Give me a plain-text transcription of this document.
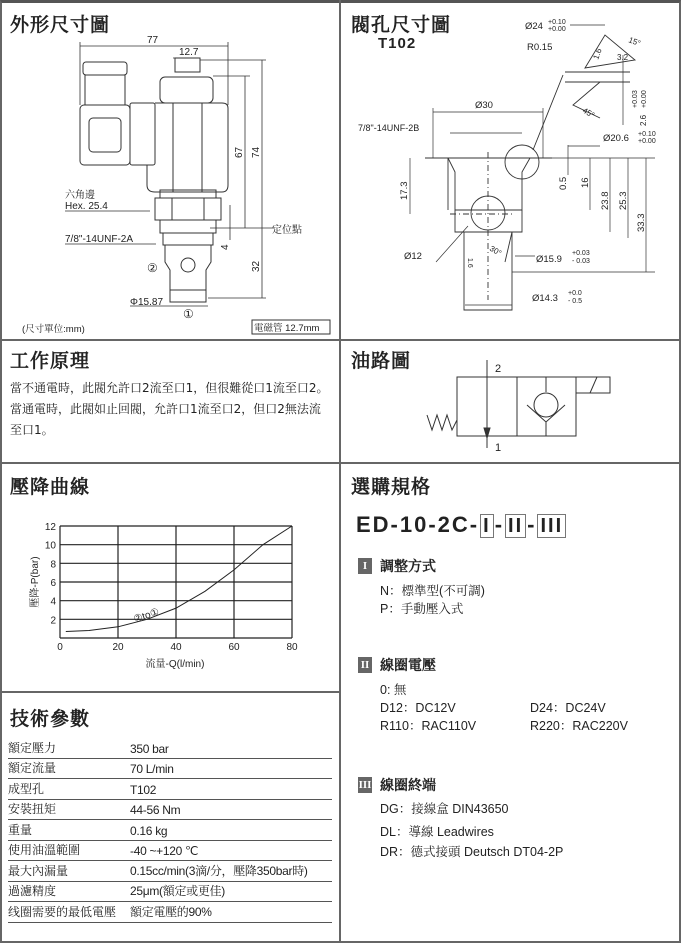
外形尺寸圖	閥孔尺寸圖
T102
工作原理	油路圖
壓降曲線	選購規格
技術參數
77
12.7
67 74
32
4
六角邊
Hex. 25.4
7/8"-14UNF-2A
定位點
②
①
Φ15.87
(尺寸單位:mm)	電磁管 12.7mm
Ø24 +0.10
+0.00
R0.15	1.6 3.2
15°
Ø30
7/8"-14UNF-2B
45°
2.6
+0.03 +0.00
Ø20.6 +0.10
+0.00
0.5 16
23.8 25.3
33.3
17.3
Ø12	30°
1.6	Ø15.9
+0.03
- 0.03
Ø14.3 +0.0
- 0.5
當不通電時，此閥允許口2流至口1，但很難從口1流至口2。當通電時，此閥如止回閥，允許口1流至口2，但口2無法流至口1。
2
1
0	20	40	60	80
2
4
6
8
10
12
②to①
流量-Q(l/min)
壓降-P(bar)
額定壓力	350 bar
額定流量	70 L/min
成型孔	T102
安裝扭矩	44-56 Nm
重量	0.16 kg
使用油溫範圍	-40 ~+120 ℃
最大內漏量	0.15cc/min(3滴/分，壓降350bar時)
過濾精度	25μm(額定或更佳)
线圈需要的最低電壓	額定電壓的90%
ED-10-2C- I - II - III
I 調整方式
N：標準型(不可調)
P：手動壓入式
II 線圈電壓
0: 無
D12：DC12V	D24：DC24V
R110：RAC110V	R220：RAC220V
III 線圈終端
DG：接線盒 DIN43650
DL：導線 Leadwires
DR：德式接頭 Deutsch DT04-2P
